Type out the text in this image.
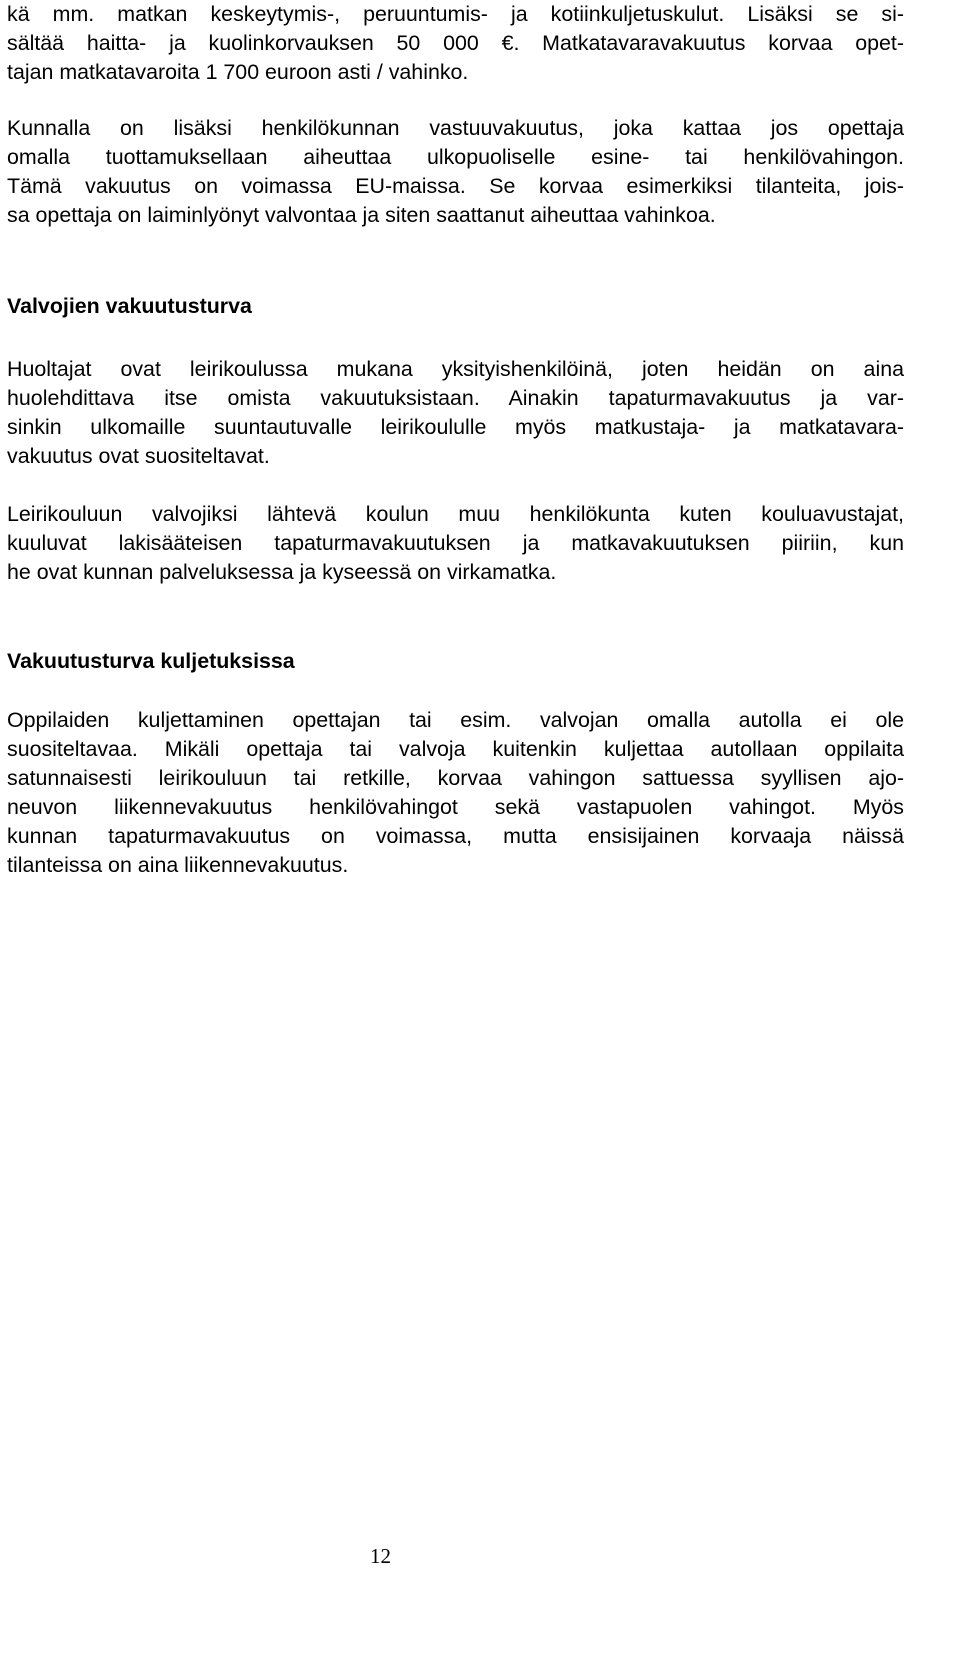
kä mm. matkan keskeytymis-, peruuntumis- ja kotiinkuljetuskulut. Lisäksi se si-
sältää haitta- ja kuolinkorvauksen 50 000 €. Matkatavaravakuutus korvaa opet-
tajan matkatavaroita 1 700 euroon asti / vahinko.

Kunnalla on lisäksi henkilökunnan vastuuvakuutus, joka kattaa jos opettaja
omalla tuottamuksellaan aiheuttaa ulkopuoliselle esine- tai henkilövahingon.
Tämä vakuutus on voimassa EU-maissa. Se korvaa esimerkiksi tilanteita, jois-
sa opettaja on laiminlyönyt valvontaa ja siten saattanut aiheuttaa vahinkoa.

Valvojien vakuutusturva

Huoltajat ovat leirikoulussa mukana yksityishenkilöinä, joten heidän on aina
huolehdittava itse omista vakuutuksistaan. Ainakin tapaturmavakuutus ja var-
sinkin ulkomaille suuntautuvalle leirikoululle myös matkustaja- ja matkatavara-
vakuutus ovat suositeltavat.

Leirikouluun valvojiksi lähtevä koulun muu henkilökunta kuten kouluavustajat,
kuuluvat lakisääteisen tapaturmavakuutuksen ja matkavakuutuksen piiriin, kun
he ovat kunnan palveluksessa ja kyseessä on virkamatka.

Vakuutusturva kuljetuksissa

Oppilaiden kuljettaminen opettajan tai esim. valvojan omalla autolla ei ole
suositeltavaa. Mikäli opettaja tai valvoja kuitenkin kuljettaa autollaan oppilaita
satunnaisesti leirikouluun tai retkille, korvaa vahingon sattuessa syyllisen ajo-
neuvon liikennevakuutus henkilövahingot sekä vastapuolen vahingot. Myös
kunnan tapaturmavakuutus on voimassa, mutta ensisijainen korvaaja näissä
tilanteissa on aina liikennevakuutus.

12
